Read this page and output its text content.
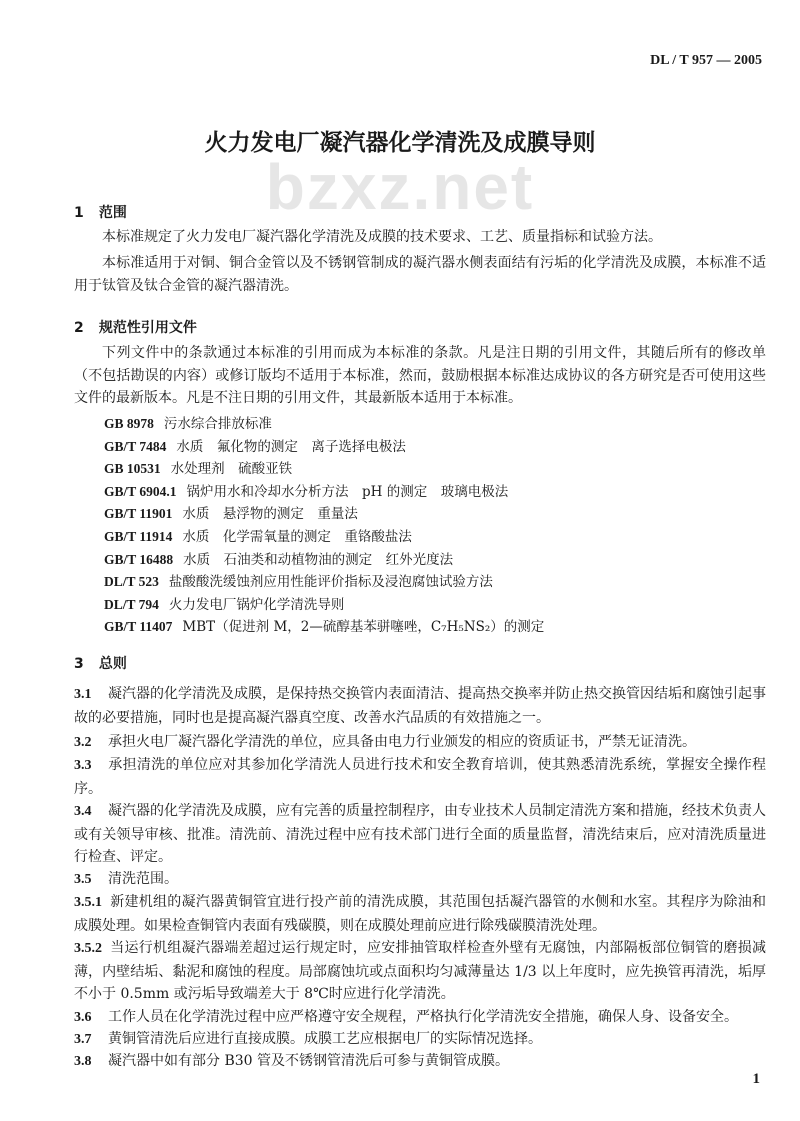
DL / T 957 — 2005
bzxz.net
火力发电厂凝汽器化学清洗及成膜导则
1 范围
本标准规定了火力发电厂凝汽器化学清洗及成膜的技术要求、工艺、质量指标和试验方法。
本标准适用于对铜、铜合金管以及不锈钢管制成的凝汽器水侧表面结有污垢的化学清洗及成膜，本标准不适用于钛管及钛合金管的凝汽器清洗。
2 规范性引用文件
下列文件中的条款通过本标准的引用而成为本标准的条款。凡是注日期的引用文件，其随后所有的修改单（不包括勘误的内容）或修订版均不适用于本标准，然而，鼓励根据本标准达成协议的各方研究是否可使用这些文件的最新版本。凡是不注日期的引用文件，其最新版本适用于本标准。
GB 8978 污水综合排放标准
GB/T 7484 水质　氟化物的测定　离子选择电极法
GB 10531 水处理剂　硫酸亚铁
GB/T 6904.1 锅炉用水和冷却水分析方法　pH 的测定　玻璃电极法
GB/T 11901 水质　悬浮物的测定　重量法
GB/T 11914 水质　化学需氧量的测定　重铬酸盐法
GB/T 16488 水质　石油类和动植物油的测定　红外光度法
DL/T 523 盐酸酸洗缓蚀剂应用性能评价指标及浸泡腐蚀试验方法
DL/T 794 火力发电厂锅炉化学清洗导则
GB/T 11407 MBT（促进剂 M，2—硫醇基苯骈噻唑，C₇H₅NS₂）的测定
3 总则
3.1 凝汽器的化学清洗及成膜，是保持热交换管内表面清洁、提高热交换率并防止热交换管因结垢和腐蚀引起事故的必要措施，同时也是提高凝汽器真空度、改善水汽品质的有效措施之一。
3.2 承担火电厂凝汽器化学清洗的单位，应具备由电力行业颁发的相应的资质证书，严禁无证清洗。
3.3 承担清洗的单位应对其参加化学清洗人员进行技术和安全教育培训，使其熟悉清洗系统，掌握安全操作程序。
3.4 凝汽器的化学清洗及成膜，应有完善的质量控制程序，由专业技术人员制定清洗方案和措施，经技术负责人或有关领导审核、批准。清洗前、清洗过程中应有技术部门进行全面的质量监督，清洗结束后，应对清洗质量进行检查、评定。
3.5 清洗范围。
3.5.1 新建机组的凝汽器黄铜管宜进行投产前的清洗成膜，其范围包括凝汽器管的水侧和水室。其程序为除油和成膜处理。如果检查铜管内表面有残碳膜，则在成膜处理前应进行除残碳膜清洗处理。
3.5.2 当运行机组凝汽器端差超过运行规定时，应安排抽管取样检查外壁有无腐蚀，内部隔板部位铜管的磨损减薄，内壁结垢、黏泥和腐蚀的程度。局部腐蚀坑或点面积均匀减薄量达 1/3 以上年度时，应先换管再清洗，垢厚不小于 0.5mm 或污垢导致端差大于 8℃时应进行化学清洗。
3.6 工作人员在化学清洗过程中应严格遵守安全规程，严格执行化学清洗安全措施，确保人身、设备安全。
3.7 黄铜管清洗后应进行直接成膜。成膜工艺应根据电厂的实际情况选择。
3.8 凝汽器中如有部分 B30 管及不锈钢管清洗后可参与黄铜管成膜。
1
